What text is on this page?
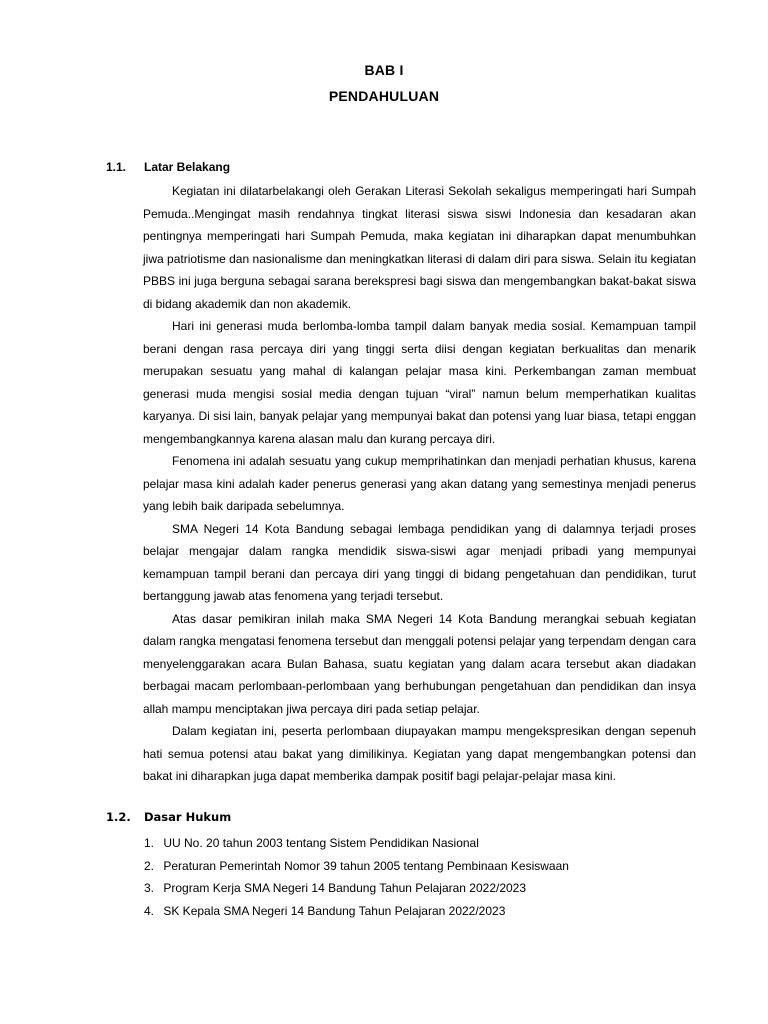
BAB I
PENDAHULUAN
1.1. Latar Belakang

Kegiatan ini dilatarbelakangi oleh Gerakan Literasi Sekolah sekaligus memperingati hari Sumpah Pemuda..Mengingat masih rendahnya tingkat literasi siswa siswi Indonesia dan kesadaran akan pentingnya memperingati hari Sumpah Pemuda, maka kegiatan ini diharapkan dapat menumbuhkan jiwa patriotisme dan nasionalisme dan meningkatkan literasi di dalam diri para siswa. Selain itu kegiatan PBBS ini juga berguna sebagai sarana berekspresi bagi siswa dan mengembangkan bakat-bakat siswa di bidang akademik dan non akademik.

Hari ini generasi muda berlomba-lomba tampil dalam banyak media sosial. Kemampuan tampil berani dengan rasa percaya diri yang tinggi serta diisi dengan kegiatan berkualitas dan menarik merupakan sesuatu yang mahal di kalangan pelajar masa kini. Perkembangan zaman membuat generasi muda mengisi sosial media dengan tujuan “viral” namun belum memperhatikan kualitas karyanya. Di sisi lain, banyak pelajar yang mempunyai bakat dan potensi yang luar biasa, tetapi enggan mengembangkannya karena alasan malu dan kurang percaya diri.

Fenomena ini adalah sesuatu yang cukup memprihatinkan dan menjadi perhatian khusus, karena pelajar masa kini adalah kader penerus generasi yang akan datang yang semestinya menjadi penerus yang lebih baik daripada sebelumnya.

SMA Negeri 14 Kota Bandung sebagai lembaga pendidikan yang di dalamnya terjadi proses belajar mengajar dalam rangka mendidik siswa-siswi agar menjadi pribadi yang mempunyai kemampuan tampil berani dan percaya diri yang tinggi di bidang pengetahuan dan pendidikan, turut bertanggung jawab atas fenomena yang terjadi tersebut.

Atas dasar pemikiran inilah maka SMA Negeri 14 Kota Bandung merangkai sebuah kegiatan dalam rangka mengatasi fenomena tersebut dan menggali potensi pelajar yang terpendam dengan cara menyelenggarakan acara Bulan Bahasa, suatu kegiatan yang dalam acara tersebut akan diadakan berbagai macam perlombaan-perlombaan yang berhubungan pengetahuan dan pendidikan dan insya allah mampu menciptakan jiwa percaya diri pada setiap pelajar.

Dalam kegiatan ini, peserta perlombaan diupayakan mampu mengekspresikan dengan sepenuh hati semua potensi atau bakat yang dimilikinya. Kegiatan yang dapat mengembangkan potensi dan bakat ini diharapkan juga dapat memberika dampak positif bagi pelajar-pelajar masa kini.

1.2. Dasar Hukum
1. UU No. 20 tahun 2003 tentang Sistem Pendidikan Nasional
2. Peraturan Pemerintah Nomor 39 tahun 2005 tentang Pembinaan Kesiswaan
3. Program Kerja SMA Negeri 14 Bandung Tahun Pelajaran 2022/2023
4. SK Kepala SMA Negeri 14 Bandung Tahun Pelajaran 2022/2023
